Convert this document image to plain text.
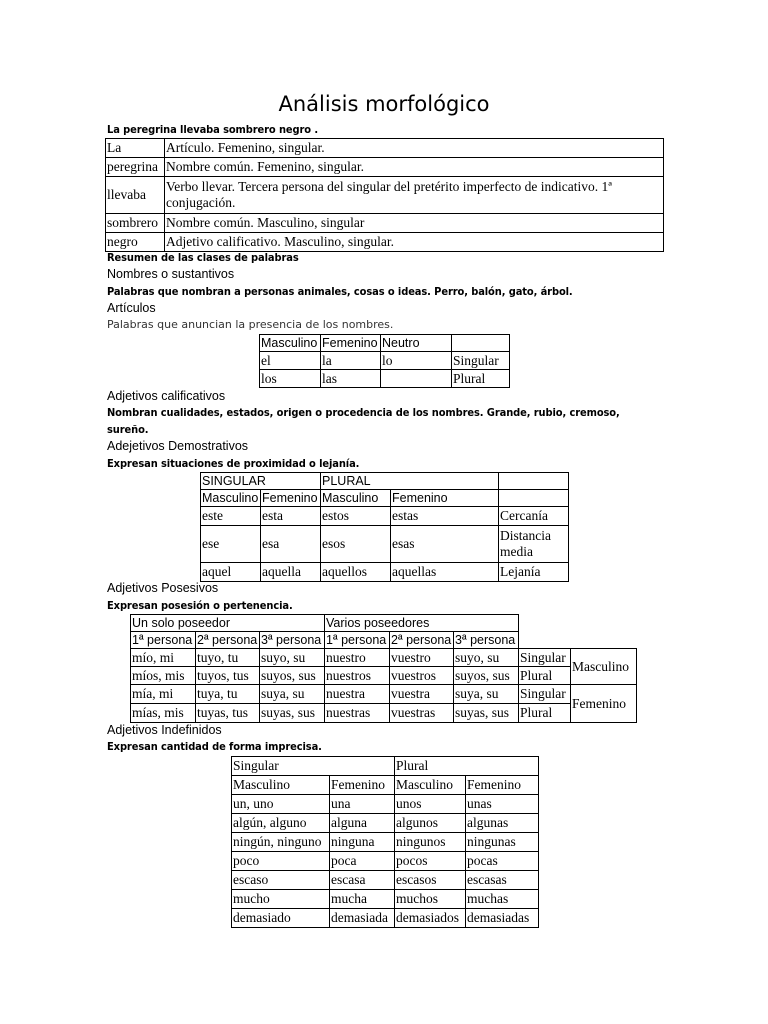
Análisis morfológico
La peregrina llevaba sombrero negro .
La	Artículo. Femenino, singular.
peregrina	Nombre común. Femenino, singular.
llevaba	Verbo llevar. Tercera persona del singular del pretérito imperfecto de indicativo. 1ª conjugación.
sombrero	Nombre común. Masculino, singular
negro	Adjetivo calificativo. Masculino, singular.
Resumen de las clases de palabras
Nombres o sustantivos
Palabras que nombran a personas animales, cosas o ideas. Perro, balón, gato, árbol.
Artículos
Palabras que anuncian la presencia de los nombres.
Masculino	Femenino	Neutro	
el	la	lo	Singular
los	las		Plural
Adjetivos calificativos
Nombran cualidades, estados, origen o procedencia de los nombres. Grande, rubio, cremoso,
sureño.
Adejetivos Demostrativos
Expresan situaciones de proximidad o lejanía.
SINGULAR		PLURAL		
Masculino	Femenino	Masculino	Femenino	
este	esta	estos	estas	Cercanía
ese	esa	esos	esas	Distancia media
aquel	aquella	aquellos	aquellas	Lejanía
Adjetivos Posesivos
Expresan posesión o pertenencia.
Un solo poseedor			Varios poseedores				
1ª persona	2ª persona	3ª persona	1ª persona	2ª persona	3ª persona		
mío, mi	tuyo, tu	suyo, su	nuestro	vuestro	suyo, su	Singular	Masculino
míos, mis	tuyos, tus	suyos, sus	nuestros	vuestros	suyos, sus	Plural	
mía, mi	tuya, tu	suya, su	nuestra	vuestra	suya, su	Singular	Femenino
mías, mis	tuyas, tus	suyas, sus	nuestras	vuestras	suyas, sus	Plural	
Adjetivos Indefinidos
Expresan cantidad de forma imprecisa.
Singular		Plural	
Masculino	Femenino	Masculino	Femenino
un, uno	una	unos	unas
algún, alguno	alguna	algunos	algunas
ningún, ninguno	ninguna	ningunos	ningunas
poco	poca	pocos	pocas
escaso	escasa	escasos	escasas
mucho	mucha	muchos	muchas
demasiado	demasiada	demasiados	demasiadas
